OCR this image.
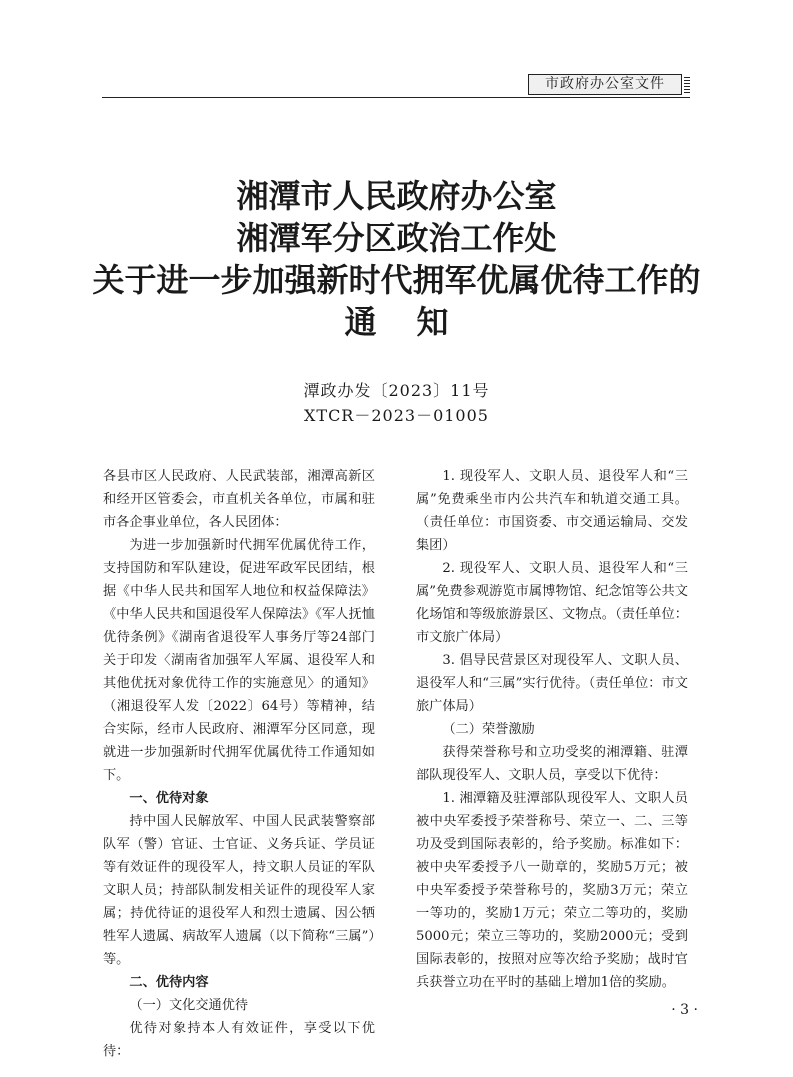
市政府办公室文件
湘潭市人民政府办公室
湘潭军分区政治工作处
关于进一步加强新时代拥军优属优待工作的
通知
潭政办发〔2023〕11号
XTCR－2023－01005

各县市区人民政府、人民武装部，湘潭高新区和经开区管委会，市直机关各单位，市属和驻市各企事业单位，各人民团体：

为进一步加强新时代拥军优属优待工作，支持国防和军队建设，促进军政军民团结，根据《中华人民共和国军人地位和权益保障法》《中华人民共和国退役军人保障法》《军人抚恤优待条例》《湖南省退役军人事务厅等24部门关于印发〈湖南省加强军人军属、退役军人和其他优抚对象优待工作的实施意见〉的通知》（湘退役军人发〔2022〕64号）等精神，结合实际，经市人民政府、湘潭军分区同意，现就进一步加强新时代拥军优属优待工作通知如下。

一、优待对象

持中国人民解放军、中国人民武装警察部队军（警）官证、士官证、义务兵证、学员证等有效证件的现役军人，持文职人员证的军队文职人员；持部队制发相关证件的现役军人家属；持优待证的退役军人和烈士遗属、因公牺牲军人遗属、病故军人遗属（以下简称“三属”）等。

二、优待内容

（一）文化交通优待

优待对象持本人有效证件，享受以下优待：

1. 现役军人、文职人员、退役军人和“三属”免费乘坐市内公共汽车和轨道交通工具。（责任单位：市国资委、市交通运输局、交发集团）

2. 现役军人、文职人员、退役军人和“三属”免费参观游览市属博物馆、纪念馆等公共文化场馆和等级旅游景区、文物点。（责任单位：市文旅广体局）

3. 倡导民营景区对现役军人、文职人员、退役军人和“三属”实行优待。（责任单位：市文旅广体局）

（二）荣誉激励

获得荣誉称号和立功受奖的湘潭籍、驻潭部队现役军人、文职人员，享受以下优待：

1. 湘潭籍及驻潭部队现役军人、文职人员被中央军委授予荣誉称号、荣立一、二、三等功及受到国际表彰的，给予奖励。标准如下：被中央军委授予八一勋章的，奖励5万元；被中央军委授予荣誉称号的，奖励3万元；荣立一等功的，奖励1万元；荣立二等功的，奖励5000元；荣立三等功的，奖励2000元；受到国际表彰的，按照对应等次给予奖励；战时官兵获誉立功在平时的基础上增加1倍的奖励。

· 3 ·
